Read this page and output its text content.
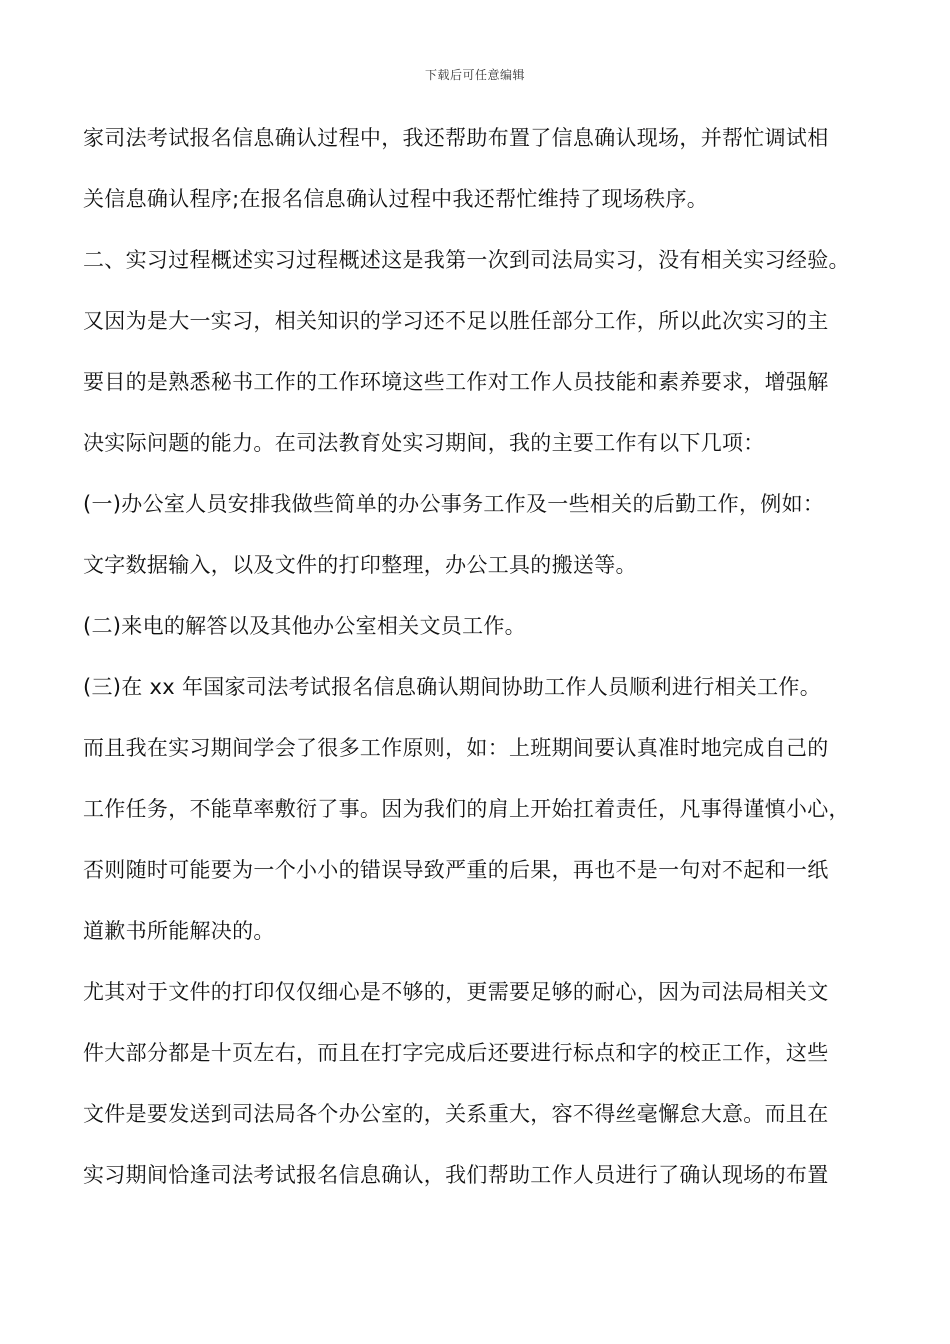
下载后可任意编辑
家司法考试报名信息确认过程中，我还帮助布置了信息确认现场，并帮忙调试相
关信息确认程序;在报名信息确认过程中我还帮忙维持了现场秩序。
二、实习过程概述实习过程概述这是我第一次到司法局实习，没有相关实习经验。
又因为是大一实习，相关知识的学习还不足以胜任部分工作，所以此次实习的主
要目的是熟悉秘书工作的工作环境这些工作对工作人员技能和素养要求，增强解
决实际问题的能力。在司法教育处实习期间，我的主要工作有以下几项：
(一)办公室人员安排我做些简单的办公事务工作及一些相关的后勤工作，例如：
文字数据输入，以及文件的打印整理，办公工具的搬送等。
(二)来电的解答以及其他办公室相关文员工作。
(三)在 xx 年国家司法考试报名信息确认期间协助工作人员顺利进行相关工作。
而且我在实习期间学会了很多工作原则，如：上班期间要认真准时地完成自己的
工作任务，不能草率敷衍了事。因为我们的肩上开始扛着责任，凡事得谨慎小心，
否则随时可能要为一个小小的错误导致严重的后果，再也不是一句对不起和一纸
道歉书所能解决的。
尤其对于文件的打印仅仅细心是不够的，更需要足够的耐心，因为司法局相关文
件大部分都是十页左右，而且在打字完成后还要进行标点和字的校正工作，这些
文件是要发送到司法局各个办公室的，关系重大，容不得丝毫懈怠大意。而且在
实习期间恰逢司法考试报名信息确认，我们帮助工作人员进行了确认现场的布置
